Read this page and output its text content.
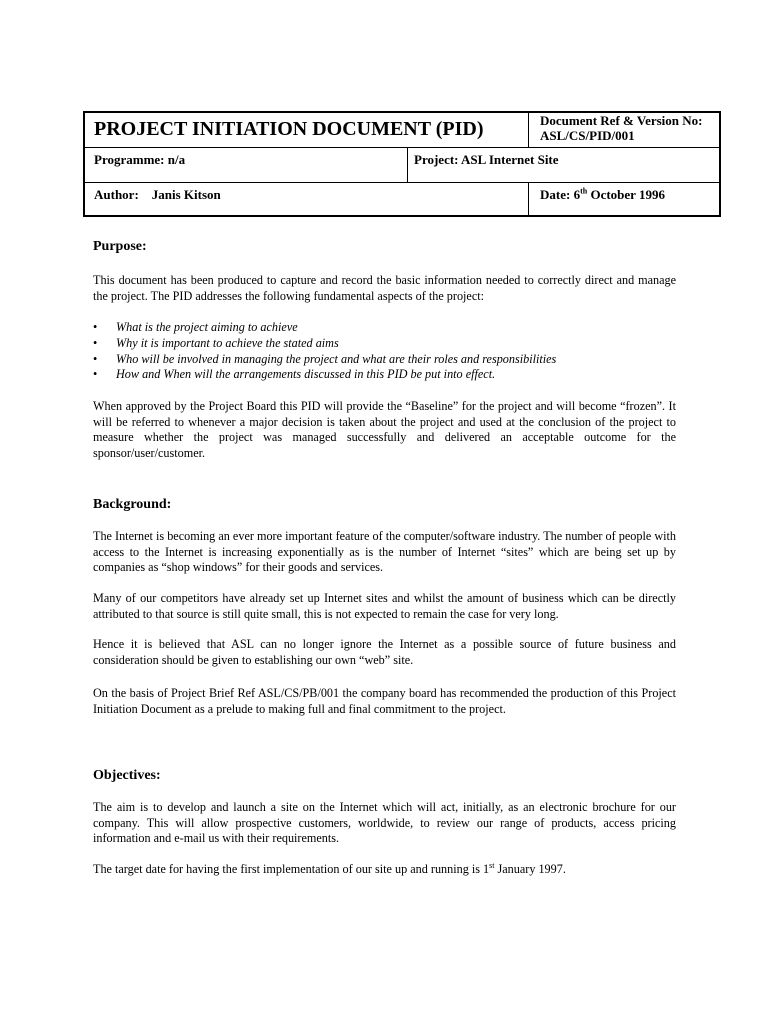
PROJECT INITIATION DOCUMENT (PID)	Document Ref & Version No:
ASL/CS/PID/001
Programme: n/a	Project: ASL Internet Site
Author: Janis Kitson	Date: 6th October 1996
Purpose:
This document has been produced to capture and record the basic information needed to correctly direct and manage the project. The PID addresses the following fundamental aspects of the project:
• What is the project aiming to achieve
• Why it is important to achieve the stated aims
• Who will be involved in managing the project and what are their roles and responsibilities
• How and When will the arrangements discussed in this PID be put into effect.
When approved by the Project Board this PID will provide the “Baseline” for the project and will become “frozen”. It will be referred to whenever a major decision is taken about the project and used at the conclusion of the project to measure whether the project was managed successfully and delivered an acceptable outcome for the sponsor/user/customer.
Background:
The Internet is becoming an ever more important feature of the computer/software industry. The number of people with access to the Internet is increasing exponentially as is the number of Internet “sites” which are being set up by companies as “shop windows” for their goods and services.
Many of our competitors have already set up Internet sites and whilst the amount of business which can be directly attributed to that source is still quite small, this is not expected to remain the case for very long.
Hence it is believed that ASL can no longer ignore the Internet as a possible source of future business and consideration should be given to establishing our own “web” site.
On the basis of Project Brief Ref ASL/CS/PB/001 the company board has recommended the production of this Project Initiation Document as a prelude to making full and final commitment to the project.
Objectives:
The aim is to develop and launch a site on the Internet which will act, initially, as an electronic brochure for our company. This will allow prospective customers, worldwide, to review our range of products, access pricing information and e-mail us with their requirements.
The target date for having the first implementation of our site up and running is 1st January 1997.
